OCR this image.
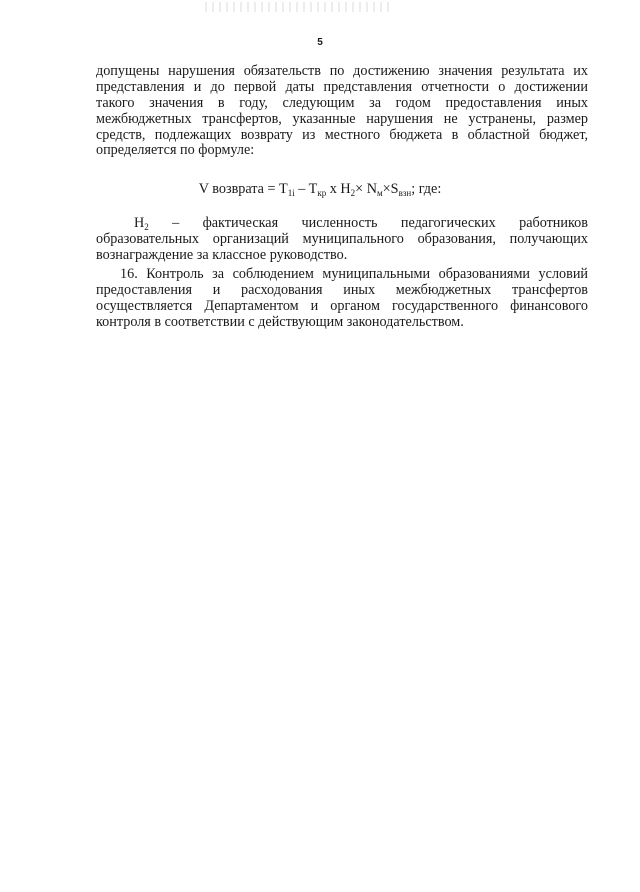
5
допущены нарушения обязательств по достижению значения результата их
представления и до первой даты представления отчетности о достижении
такого значения в году, следующим за годом предоставления иных
межбюджетных трансфертов, указанные нарушения не устранены, размер
средств, подлежащих возврату из местного бюджета в областной бюджет,
определяется по формуле:
V возврата = $T_{1i} - T_{кр}$ x $H_2\times N_м\times S_{взн}$; где:
$H_2$ – фактическая численность педагогических работников
образовательных организаций муниципального образования, получающих
вознаграждение за классное руководство.
16. Контроль за соблюдением муниципальными образованиями условий
предоставления и расходования иных межбюджетных трансфертов
осуществляется Департаментом и органом государственного финансового
контроля в соответствии с действующим законодательством.
